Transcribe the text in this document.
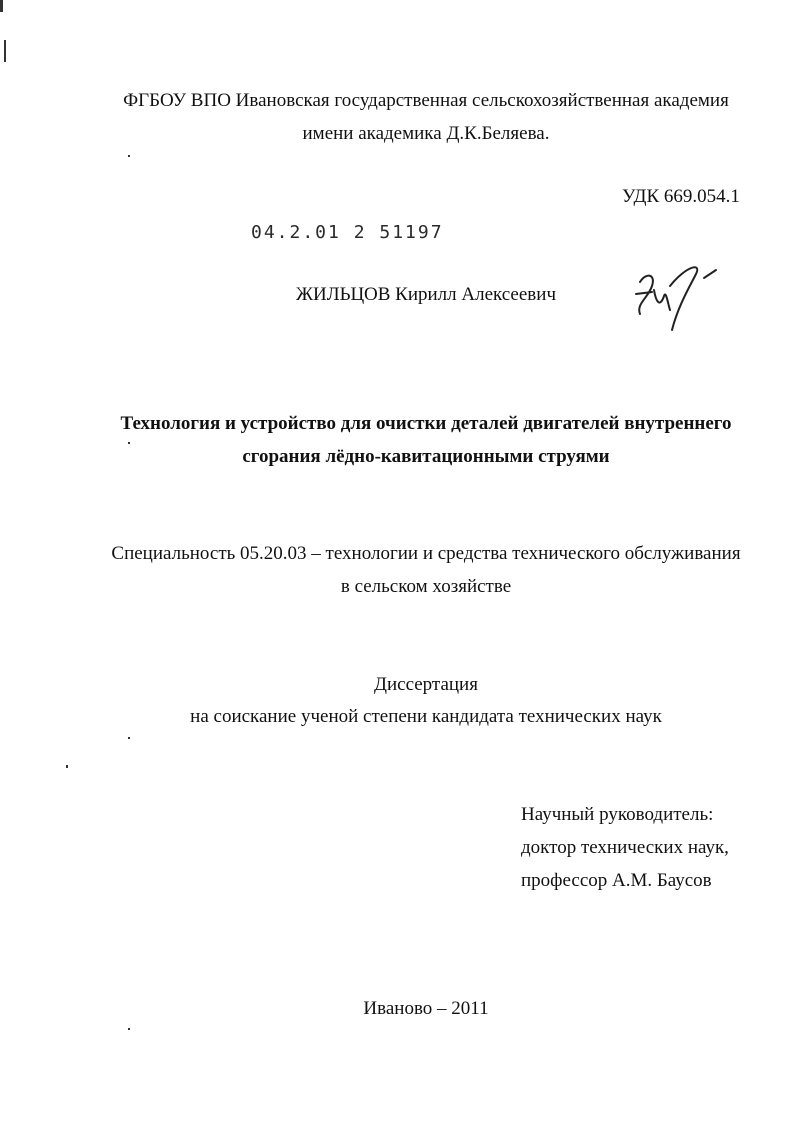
ФГБОУ ВПО Ивановская государственная сельскохозяйственная академия
имени академика Д.К.Беляева.
УДК 669.054.1
04.2.01 2 51197
ЖИЛЬЦОВ Кирилл Алексеевич
Технология и устройство для очистки деталей двигателей внутреннего
сгорания лёдно-кавитационными струями
Специальность 05.20.03 – технологии и средства технического обслуживания
в сельском хозяйстве
Диссертация
на соискание ученой степени кандидата технических наук
Научный руководитель:
доктор технических наук,
профессор А.М. Баусов
Иваново – 2011
